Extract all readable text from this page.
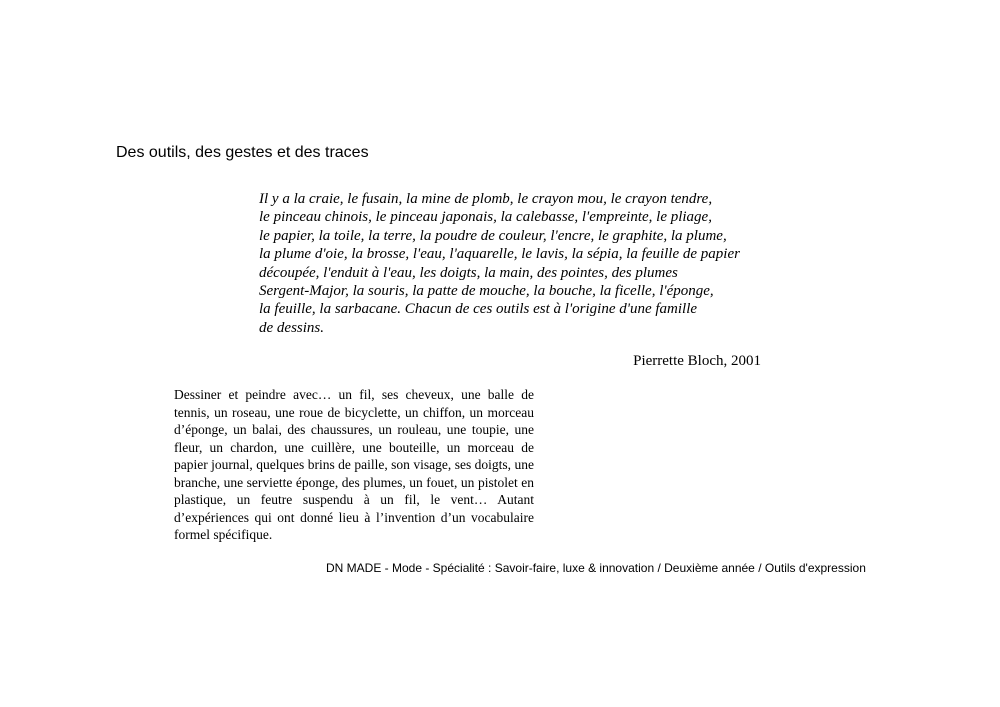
Des outils, des gestes et des traces
Il y a la craie, le fusain, la mine de plomb, le crayon mou, le crayon tendre,
le pinceau chinois, le pinceau japonais, la calebasse, l'empreinte, le pliage,
le papier, la toile, la terre, la poudre de couleur, l'encre, le graphite, la plume,
la plume d'oie, la brosse, l'eau, l'aquarelle, le lavis, la sépia, la feuille de papier
découpée, l'enduit à l'eau, les doigts, la main, des pointes, des plumes
Sergent-Major, la souris, la patte de mouche, la bouche, la ficelle, l'éponge,
la feuille, la sarbacane. Chacun de ces outils est à l'origine d'une famille
de dessins.
Pierrette Bloch, 2001
Dessiner et peindre avec… un fil, ses cheveux, une balle de tennis, un roseau, une roue de bicyclette, un chiffon, un morceau d’éponge, un balai, des chaussures, un rouleau, une toupie, une fleur, un chardon, une cuillère, une bouteille, un morceau de papier journal, quelques brins de paille, son visage, ses doigts, une branche, une serviette éponge, des plumes, un fouet, un pistolet en plastique, un feutre suspendu à un fil, le vent… Autant d’expériences qui ont donné lieu à l’invention d’un vocabulaire formel spécifique.
DN MADE - Mode - Spécialité : Savoir-faire, luxe & innovation / Deuxième année / Outils d'expression
